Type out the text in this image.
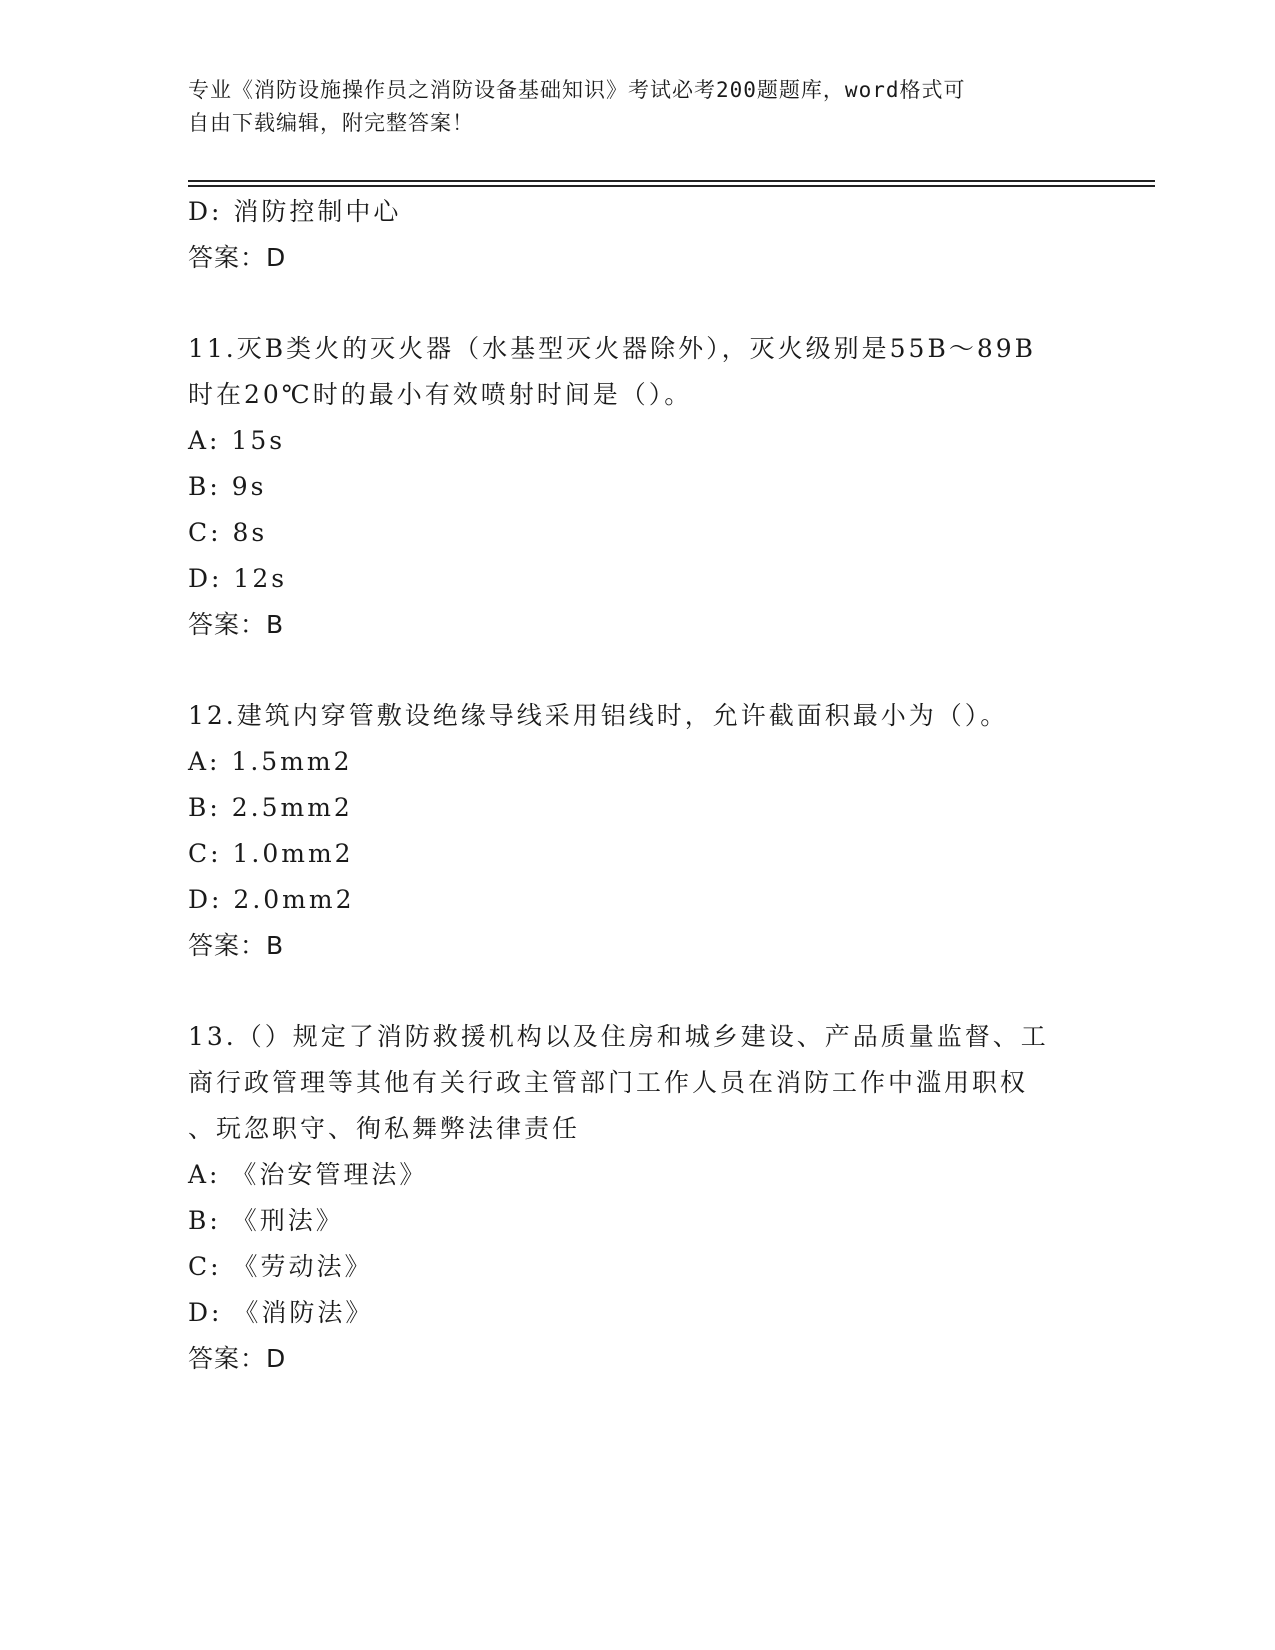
专业《消防设施操作员之消防设备基础知识》考试必考200题题库，word格式可
自由下载编辑，附完整答案！
D: 消防控制中心
答案：D
11.灭B类火的灭火器（水基型灭火器除外），灭火级别是55B～89B
时在20℃时的最小有效喷射时间是（）。
A: 15s
B: 9s
C: 8s
D: 12s
答案：B
12.建筑内穿管敷设绝缘导线采用铝线时，允许截面积最小为（）。
A: 1.5mm2
B: 2.5mm2
C: 1.0mm2
D: 2.0mm2
答案：B
13.（）规定了消防救援机构以及住房和城乡建设、产品质量监督、工
商行政管理等其他有关行政主管部门工作人员在消防工作中滥用职权
、玩忽职守、徇私舞弊法律责任
A: 《治安管理法》
B: 《刑法》
C: 《劳动法》
D: 《消防法》
答案：D
